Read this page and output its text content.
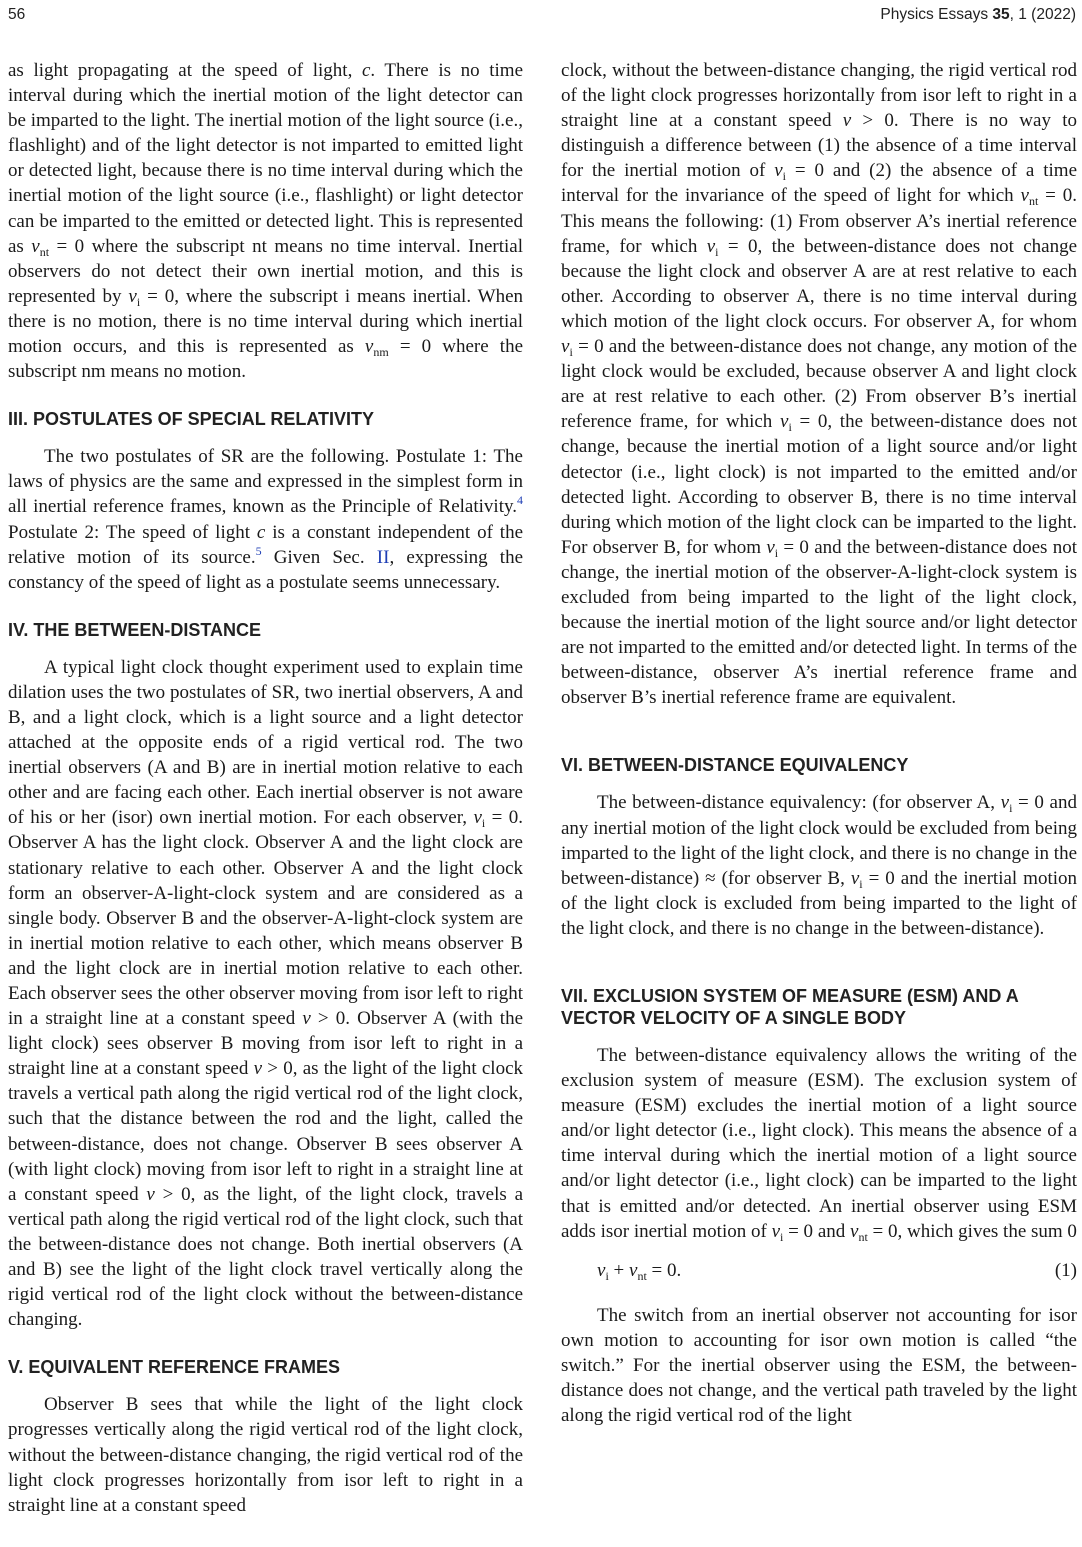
56	Physics Essays 35, 1 (2022)

as light propagating at the speed of light, c. There is no time interval during which the inertial motion of the light detector can be imparted to the light. The inertial motion of the light source (i.e., flashlight) and of the light detector is not imparted to emitted light or detected light, because there is no time interval during which the inertial motion of the light source (i.e., flashlight) or light detector can be imparted to the emitted or detected light. This is represented as $v_{nt} = 0$ where the subscript nt means no time interval. Inertial observers do not detect their own inertial motion, and this is represented by $v_i = 0$, where the subscript i means inertial. When there is no motion, there is no time interval during which inertial motion occurs, and this is represented as $v_{nm} = 0$ where the subscript nm means no motion.

III. POSTULATES OF SPECIAL RELATIVITY

The two postulates of SR are the following. Postulate 1: The laws of physics are the same and expressed in the simplest form in all inertial reference frames, known as the Principle of Relativity.$^4$ Postulate 2: The speed of light c is a constant independent of the relative motion of its source.$^5$ Given Sec. II, expressing the constancy of the speed of light as a postulate seems unnecessary.

IV. THE BETWEEN-DISTANCE

A typical light clock thought experiment used to explain time dilation uses the two postulates of SR, two inertial observers, A and B, and a light clock, which is a light source and a light detector attached at the opposite ends of a rigid vertical rod. The two inertial observers (A and B) are in inertial motion relative to each other and are facing each other. Each inertial observer is not aware of his or her (isor) own inertial motion. For each observer, $v_i = 0$. Observer A has the light clock. Observer A and the light clock are stationary relative to each other. Observer A and the light clock form an observer-A-light-clock system and are considered as a single body. Observer B and the observer-A-light-clock system are in inertial motion relative to each other, which means observer B and the light clock are in inertial motion relative to each other. Each observer sees the other observer moving from isor left to right in a straight line at a constant speed v > 0. Observer A (with the light clock) sees observer B moving from isor left to right in a straight line at a constant speed v > 0, as the light of the light clock travels a vertical path along the rigid vertical rod of the light clock, such that the distance between the rod and the light, called the between-distance, does not change. Observer B sees observer A (with light clock) moving from isor left to right in a straight line at a constant speed v > 0, as the light, of the light clock, travels a vertical path along the rigid vertical rod of the light clock, such that the between-distance does not change. Both inertial observers (A and B) see the light of the light clock travel vertically along the rigid vertical rod of the light clock without the between-distance changing.

V. EQUIVALENT REFERENCE FRAMES

Observer B sees that while the light of the light clock progresses vertically along the rigid vertical rod of the light clock, without the between-distance changing, the rigid vertical rod of the light clock progresses horizontally from isor left to right in a straight line at a constant speed

clock, without the between-distance changing, the rigid vertical rod of the light clock progresses horizontally from isor left to right in a straight line at a constant speed v > 0. There is no way to distinguish a difference between (1) the absence of a time interval for the inertial motion of $v_i = 0$ and (2) the absence of a time interval for the invariance of the speed of light for which $v_{nt} = 0$. This means the following: (1) From observer A’s inertial reference frame, for which $v_i = 0$, the between-distance does not change because the light clock and observer A are at rest relative to each other. According to observer A, there is no time interval during which motion of the light clock occurs. For observer A, for whom $v_i = 0$ and the between-distance does not change, any motion of the light clock would be excluded, because observer A and light clock are at rest relative to each other. (2) From observer B’s inertial reference frame, for which $v_i = 0$, the between-distance does not change, because the inertial motion of a light source and/or light detector (i.e., light clock) is not imparted to the emitted and/or detected light. According to observer B, there is no time interval during which motion of the light clock can be imparted to the light. For observer B, for whom $v_i = 0$ and the between-distance does not change, the inertial motion of the observer-A-light-clock system is excluded from being imparted to the light of the light clock, because the inertial motion of the light source and/or light detector are not imparted to the emitted and/or detected light. In terms of the between-distance, observer A’s inertial reference frame and observer B’s inertial reference frame are equivalent.

VI. BETWEEN-DISTANCE EQUIVALENCY

The between-distance equivalency: (for observer A, $v_i = 0$ and any inertial motion of the light clock would be excluded from being imparted to the light of the light clock, and there is no change in the between-distance) ≈ (for observer B, $v_i = 0$ and the inertial motion of the light clock is excluded from being imparted to the light of the light clock, and there is no change in the between-distance).

VII. EXCLUSION SYSTEM OF MEASURE (ESM) AND A VECTOR VELOCITY OF A SINGLE BODY

The between-distance equivalency allows the writing of the exclusion system of measure (ESM). The exclusion system of measure (ESM) excludes the inertial motion of a light source and/or light detector (i.e., light clock). This means the absence of a time interval during which the inertial motion of a light source and/or light detector (i.e., light clock) can be imparted to the light that is emitted and/or detected. An inertial observer using ESM adds isor inertial motion of $v_i = 0$ and $v_{nt} = 0$, which gives the sum 0

$v_i + v_{nt} = 0$.	(1)

The switch from an inertial observer not accounting for isor own motion to accounting for isor own motion is called “the switch.” For the inertial observer using the ESM, the between-distance does not change, and the vertical path traveled by the light along the rigid vertical rod of the light
